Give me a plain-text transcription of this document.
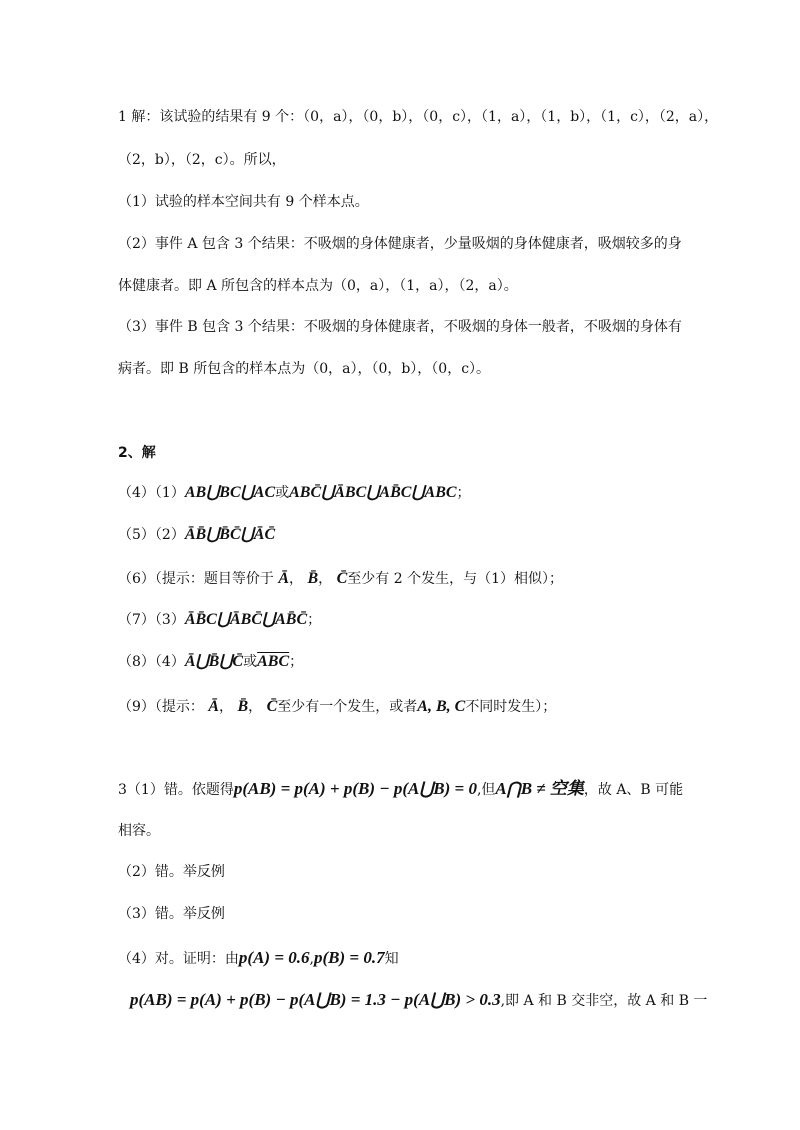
1 解：该试验的结果有 9 个：（0，a），（0，b），（0，c），（1，a），（1，b），（1，c），（2，a），
（2，b），（2，c）。所以，
（1）试验的样本空间共有 9 个样本点。
（2）事件 A 包含 3 个结果：不吸烟的身体健康者，少量吸烟的身体健康者，吸烟较多的身
体健康者。即 A 所包含的样本点为（0，a），（1，a），（2，a）。
（3）事件 B 包含 3 个结果：不吸烟的身体健康者，不吸烟的身体一般者，不吸烟的身体有
病者。即 B 所包含的样本点为（0，a），（0，b），（0，c）。
2、解
（4）（1）AB⋃BC⋃AC或ABC̄⋃ĀBC⋃AB̄C⋃ABC；
（5）（2）ĀB̄⋃B̄C̄⋃ĀC̄
（6）（提示：题目等价于 Ā， B̄， C̄至少有 2 个发生，与（1）相似）；
（7）（3）ĀB̄C⋃ĀBC̄⋃AB̄C̄；
（8）（4）Ā⋃B̄⋃C̄或$\overline{ABC}$；
（9）（提示： Ā， B̄， C̄至少有一个发生，或者A, B, C不同时发生）；
3（1）错。依题得p(AB) = p(A) + p(B) − p(A⋃B) = 0,但A⋂B ≠ 空集，故 A、B 可能
相容。
（2）错。举反例
（3）错。举反例
（4）对。证明：由p(A) = 0.6,p(B) = 0.7知
p(AB) = p(A) + p(B) − p(A⋃B) = 1.3 − p(A⋃B) > 0.3,即 A 和 B 交非空，故 A 和 B 一
